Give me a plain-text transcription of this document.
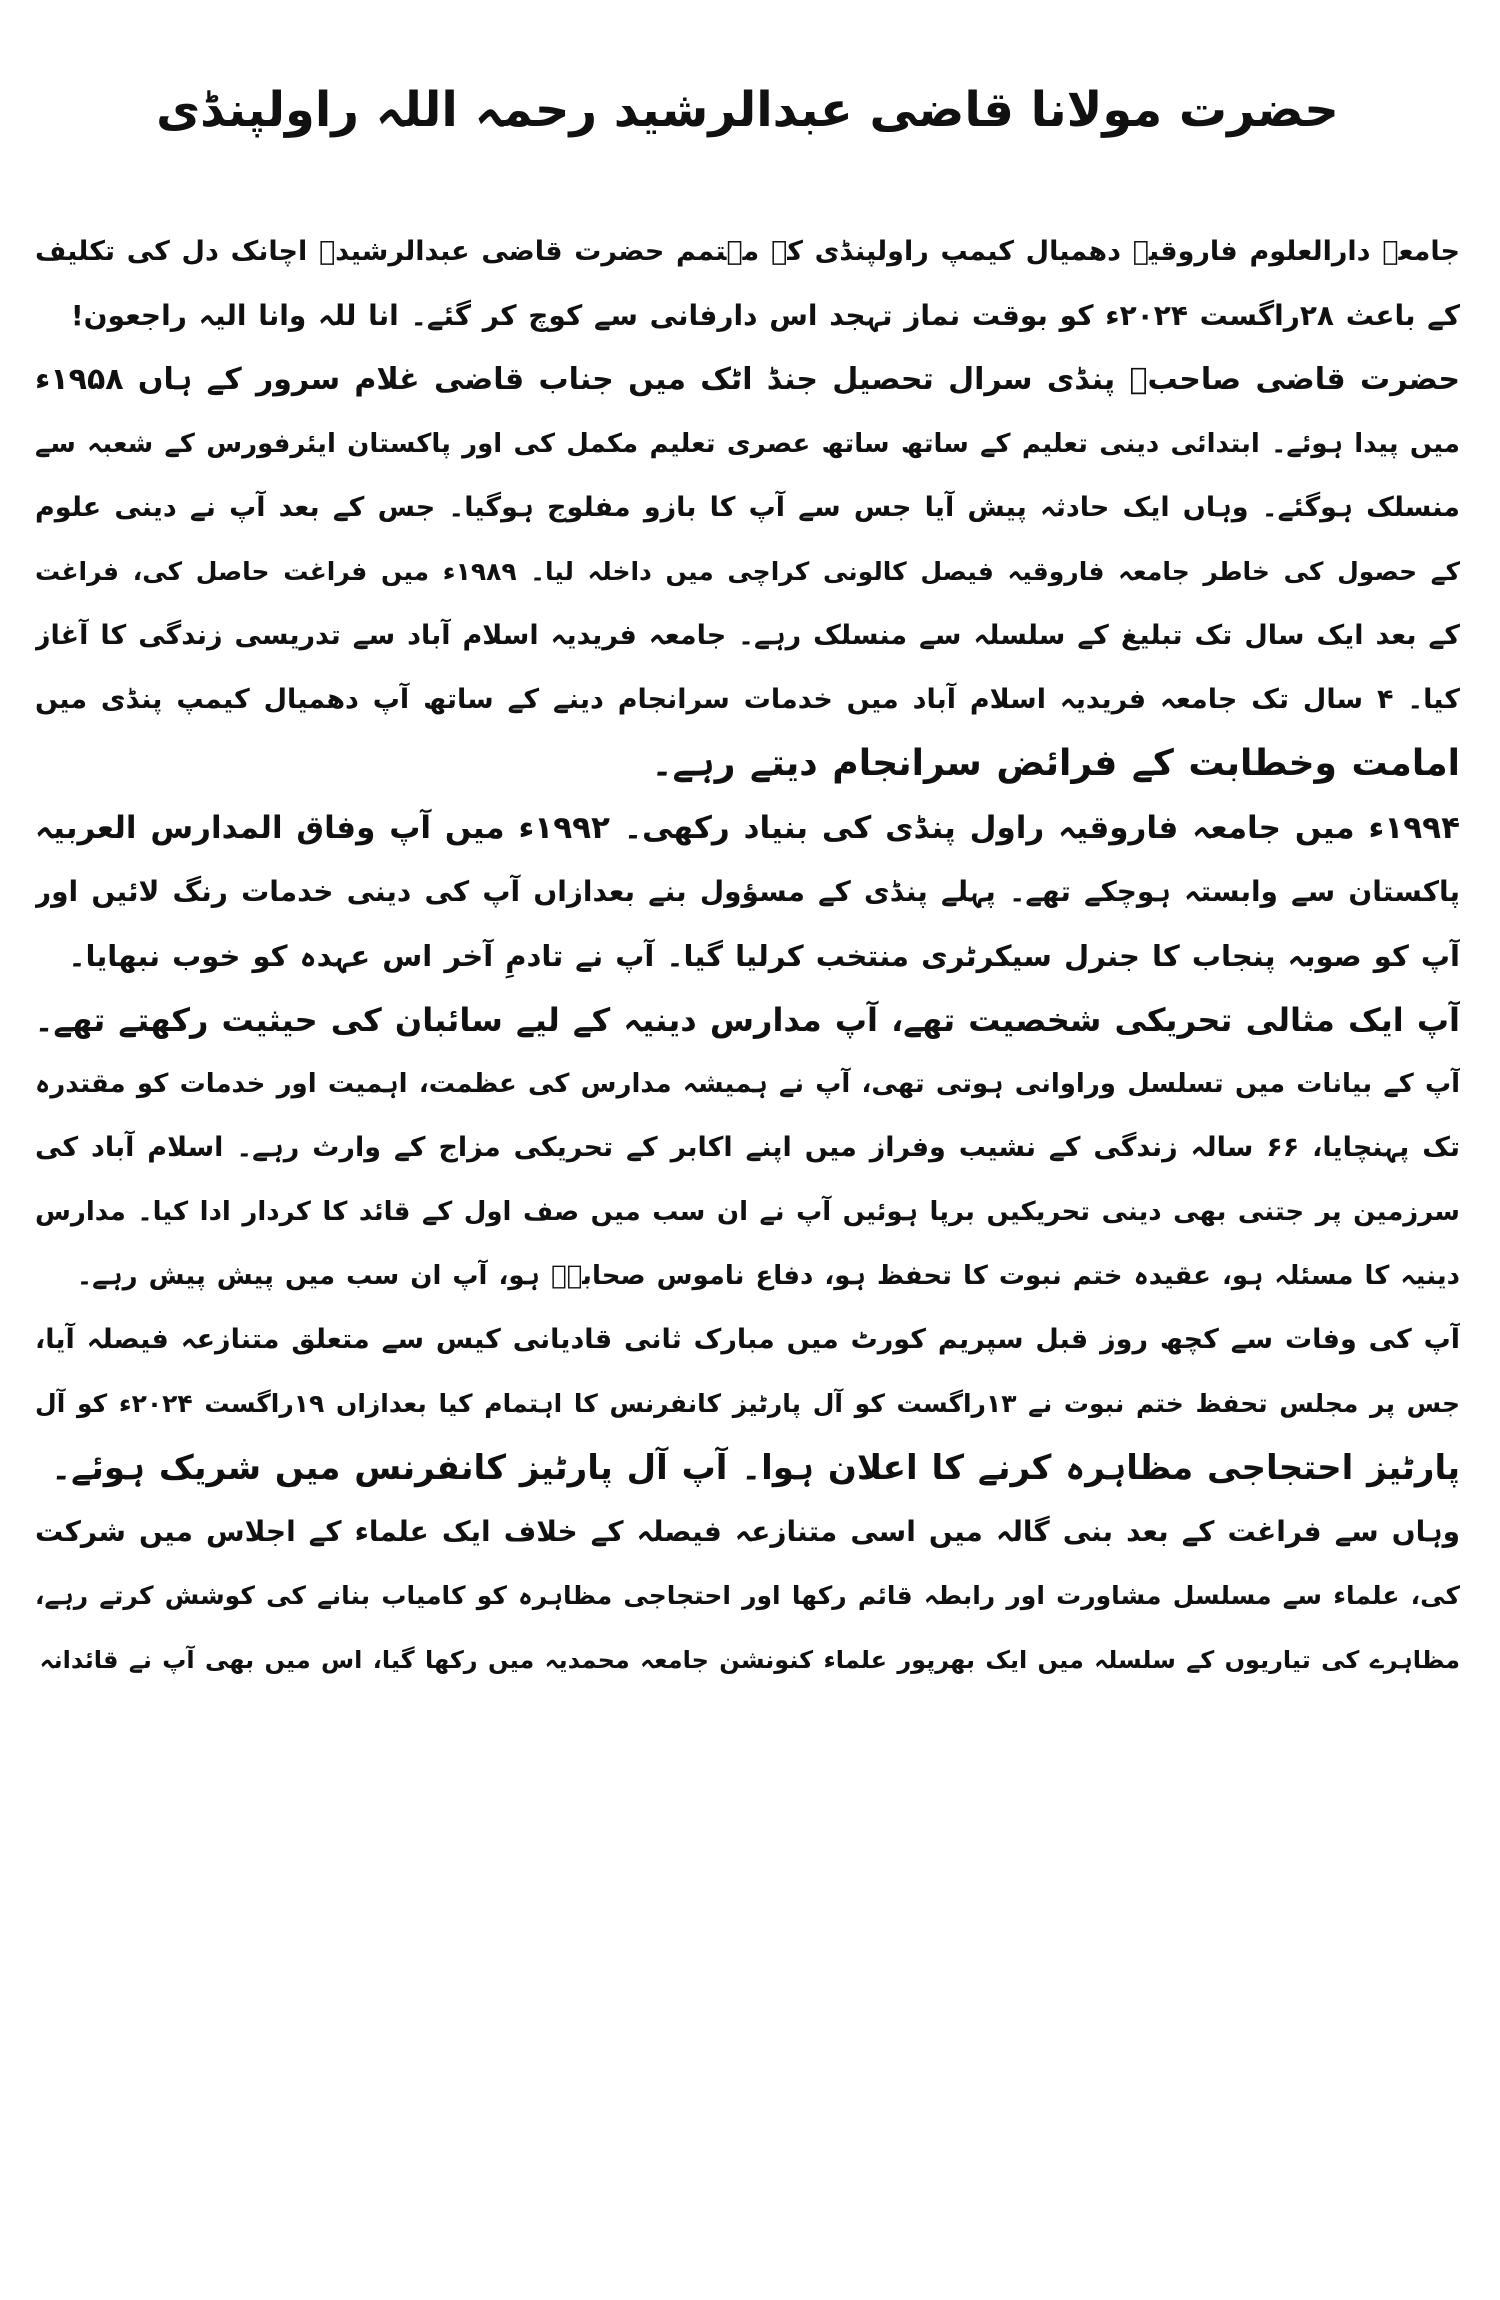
حضرت مولانا قاضی عبدالرشید رحمہ اللہ راولپنڈی
جامعہ دارالعلوم فاروقیہ دھمیال کیمپ راولپنڈی کے مہتمم حضرت قاضی عبدالرشیدؒ اچانک دل کی تکلیف
کے باعث ۲۸راگست ۲۰۲۴ء کو بوقت نماز تہجد اس دارفانی سے کوچ کر گئے۔ انا للہ وانا الیہ راجعون!
حضرت قاضی صاحبؒ پنڈی سرال تحصیل جنڈ اٹک میں جناب قاضی غلام سرور کے ہاں ۱۹۵۸ء
میں پیدا ہوئے۔ ابتدائی دینی تعلیم کے ساتھ ساتھ عصری تعلیم مکمل کی اور پاکستان ایئرفورس کے شعبہ سے
منسلک ہوگئے۔ وہاں ایک حادثہ پیش آیا جس سے آپ کا بازو مفلوج ہوگیا۔ جس کے بعد آپ نے دینی علوم
کے حصول کی خاطر جامعہ فاروقیہ فیصل کالونی کراچی میں داخلہ لیا۔ ۱۹۸۹ء میں فراغت حاصل کی، فراغت
کے بعد ایک سال تک تبلیغ کے سلسلہ سے منسلک رہے۔ جامعہ فریدیہ اسلام آباد سے تدریسی زندگی کا آغاز
کیا۔ ۴ سال تک جامعہ فریدیہ اسلام آباد میں خدمات سرانجام دینے کے ساتھ آپ دھمیال کیمپ پنڈی میں
امامت وخطابت کے فرائض سرانجام دیتے رہے۔
۱۹۹۴ء میں جامعہ فاروقیہ راول پنڈی کی بنیاد رکھی۔ ۱۹۹۲ء میں آپ وفاق المدارس العربیہ
پاکستان سے وابستہ ہوچکے تھے۔ پہلے پنڈی کے مسؤول بنے بعدازاں آپ کی دینی خدمات رنگ لائیں اور
آپ کو صوبہ پنجاب کا جنرل سیکرٹری منتخب کرلیا گیا۔ آپ نے تادمِ آخر اس عہدہ کو خوب نبھایا۔
آپ ایک مثالی تحریکی شخصیت تھے، آپ مدارس دینیہ کے لیے سائبان کی حیثیت رکھتے تھے۔
آپ کے بیانات میں تسلسل وراوانی ہوتی تھی، آپ نے ہمیشہ مدارس کی عظمت، اہمیت اور خدمات کو مقتدرہ
تک پہنچایا، ۶۶ سالہ زندگی کے نشیب وفراز میں اپنے اکابر کے تحریکی مزاج کے وارث رہے۔ اسلام آباد کی
سرزمین پر جتنی بھی دینی تحریکیں برپا ہوئیں آپ نے ان سب میں صف اول کے قائد کا کردار ادا کیا۔ مدارس
دینیہ کا مسئلہ ہو، عقیدہ ختم نبوت کا تحفظ ہو، دفاع ناموس صحابہؓ ہو، آپ ان سب میں پیش پیش رہے۔
آپ کی وفات سے کچھ روز قبل سپریم کورٹ میں مبارک ثانی قادیانی کیس سے متعلق متنازعہ فیصلہ آیا،
جس پر مجلس تحفظ ختم نبوت نے ۱۳راگست کو آل پارٹیز کانفرنس کا اہتمام کیا بعدازاں ۱۹راگست ۲۰۲۴ء کو آل
پارٹیز احتجاجی مظاہرہ کرنے کا اعلان ہوا۔ آپ آل پارٹیز کانفرنس میں شریک ہوئے۔
وہاں سے فراغت کے بعد بنی گالہ میں اسی متنازعہ فیصلہ کے خلاف ایک علماء کے اجلاس میں شرکت
کی، علماء سے مسلسل مشاورت اور رابطہ قائم رکھا اور احتجاجی مظاہرہ کو کامیاب بنانے کی کوشش کرتے رہے،
مظاہرے کی تیاریوں کے سلسلہ میں ایک بھرپور علماء کنونشن جامعہ محمدیہ میں رکھا گیا، اس میں بھی آپ نے قائدانہ
